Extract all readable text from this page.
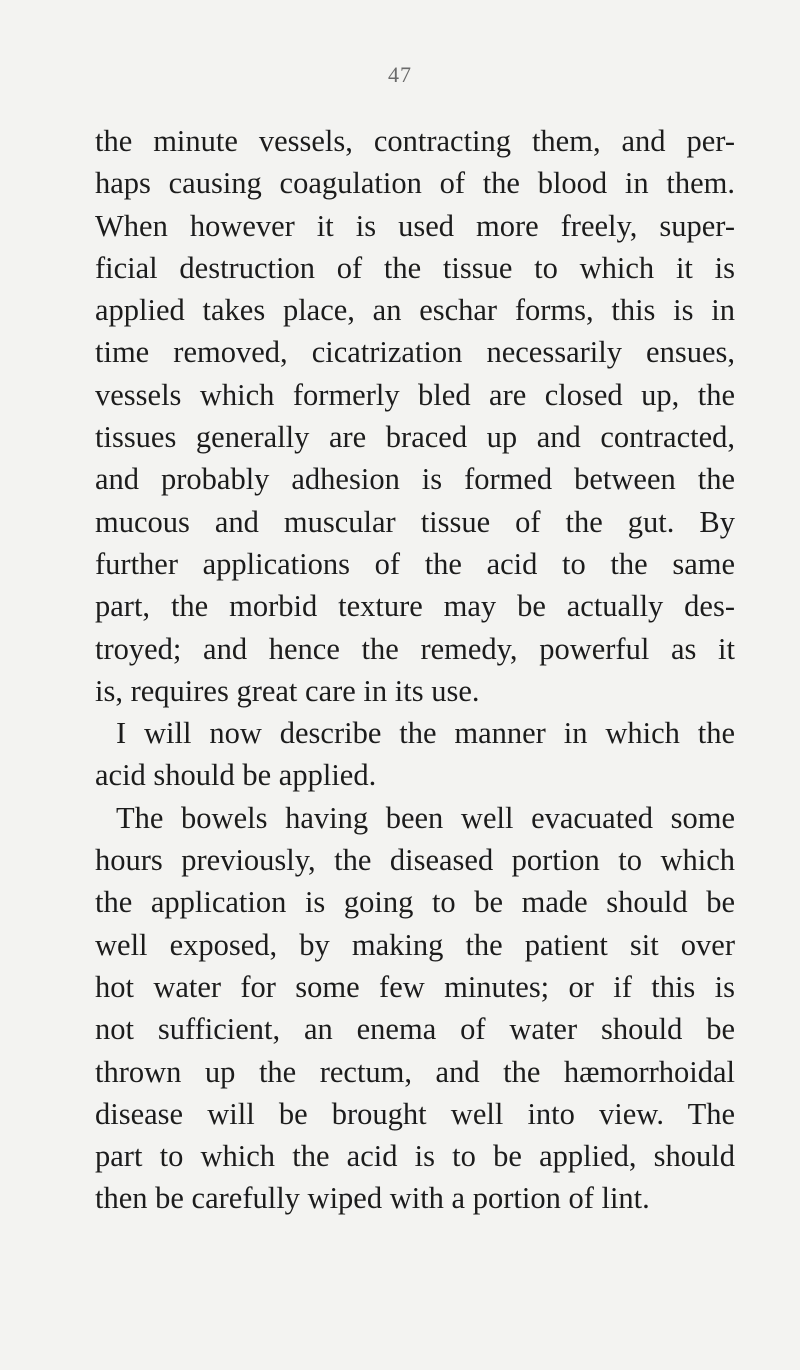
47
the minute vessels, contracting them, and per-
haps causing coagulation of the blood in them.
When however it is used more freely, super-
ficial destruction of the tissue to which it is
applied takes place, an eschar forms, this is in
time removed, cicatrization necessarily ensues,
vessels which formerly bled are closed up, the
tissues generally are braced up and contracted,
and probably adhesion is formed between the
mucous and muscular tissue of the gut. By
further applications of the acid to the same
part, the morbid texture may be actually des-
troyed; and hence the remedy, powerful as it
is, requires great care in its use.
I will now describe the manner in which the
acid should be applied.
The bowels having been well evacuated some
hours previously, the diseased portion to which
the application is going to be made should be
well exposed, by making the patient sit over
hot water for some few minutes; or if this is
not sufficient, an enema of water should be
thrown up the rectum, and the hæmorrhoidal
disease will be brought well into view. The
part to which the acid is to be applied, should
then be carefully wiped with a portion of lint.
